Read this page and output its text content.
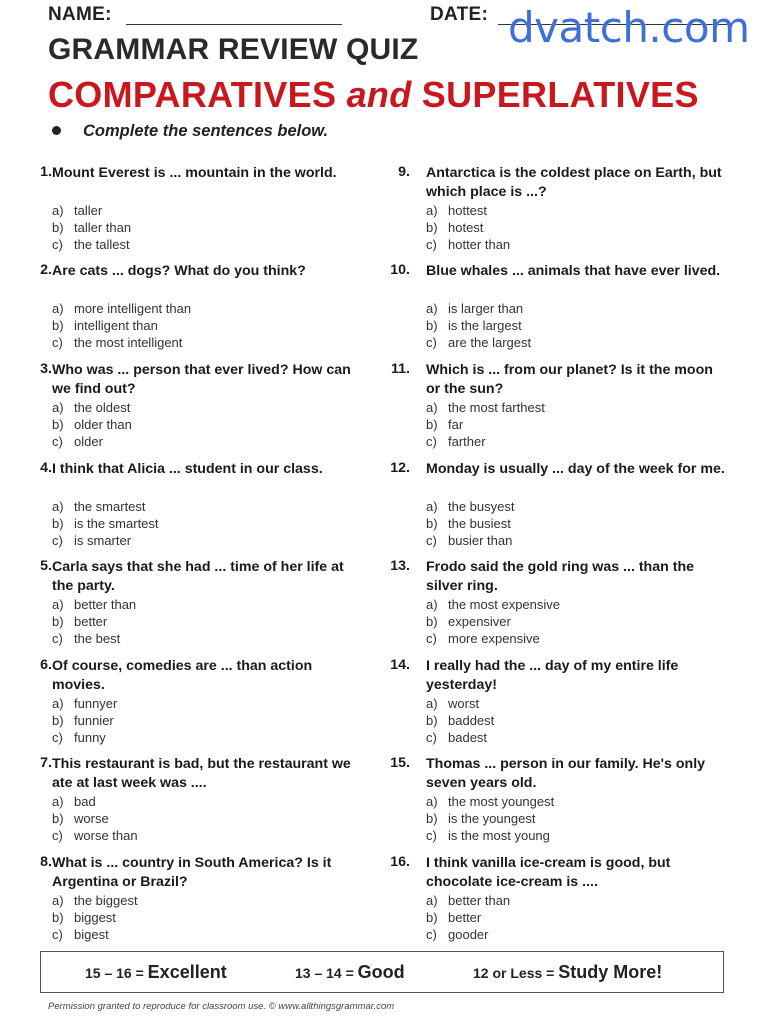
NAME:	DATE: dvatch.com
GRAMMAR REVIEW QUIZ
COMPARATIVES and SUPERLATIVES
Complete the sentences below.
1. Mount Everest is ... mountain in the world.
a) taller
b) taller than
c) the tallest
2. Are cats ... dogs? What do you think?
a) more intelligent than
b) intelligent than
c) the most intelligent
3. Who was ... person that ever lived? How can we find out?
a) the oldest
b) older than
c) older
4. I think that Alicia ... student in our class.
a) the smartest
b) is the smartest
c) is smarter
5. Carla says that she had ... time of her life at the party.
a) better than
b) better
c) the best
6. Of course, comedies are ... than action movies.
a) funnyer
b) funnier
c) funny
7. This restaurant is bad, but the restaurant we ate at last week was ....
a) bad
b) worse
c) worse than
8. What is ... country in South America? Is it Argentina or Brazil?
a) the biggest
b) biggest
c) bigest
9. Antarctica is the coldest place on Earth, but which place is ...?
a) hottest
b) hotest
c) hotter than
10. Blue whales ... animals that have ever lived.
a) is larger than
b) is the largest
c) are the largest
11. Which is ... from our planet? Is it the moon or the sun?
a) the most farthest
b) far
c) farther
12. Monday is usually ... day of the week for me.
a) the busyest
b) the busiest
c) busier than
13. Frodo said the gold ring was ... than the silver ring.
a) the most expensive
b) expensiver
c) more expensive
14. I really had the ... day of my entire life yesterday!
a) worst
b) baddest
c) badest
15. Thomas ... person in our family. He's only seven years old.
a) the most youngest
b) is the youngest
c) is the most young
16. I think vanilla ice-cream is good, but chocolate ice-cream is ....
a) better than
b) better
c) gooder
15 – 16 = Excellent	13 – 14 = Good	12 or Less = Study More!
Permission granted to reproduce for classroom use. © www.allthingsgrammar.com
